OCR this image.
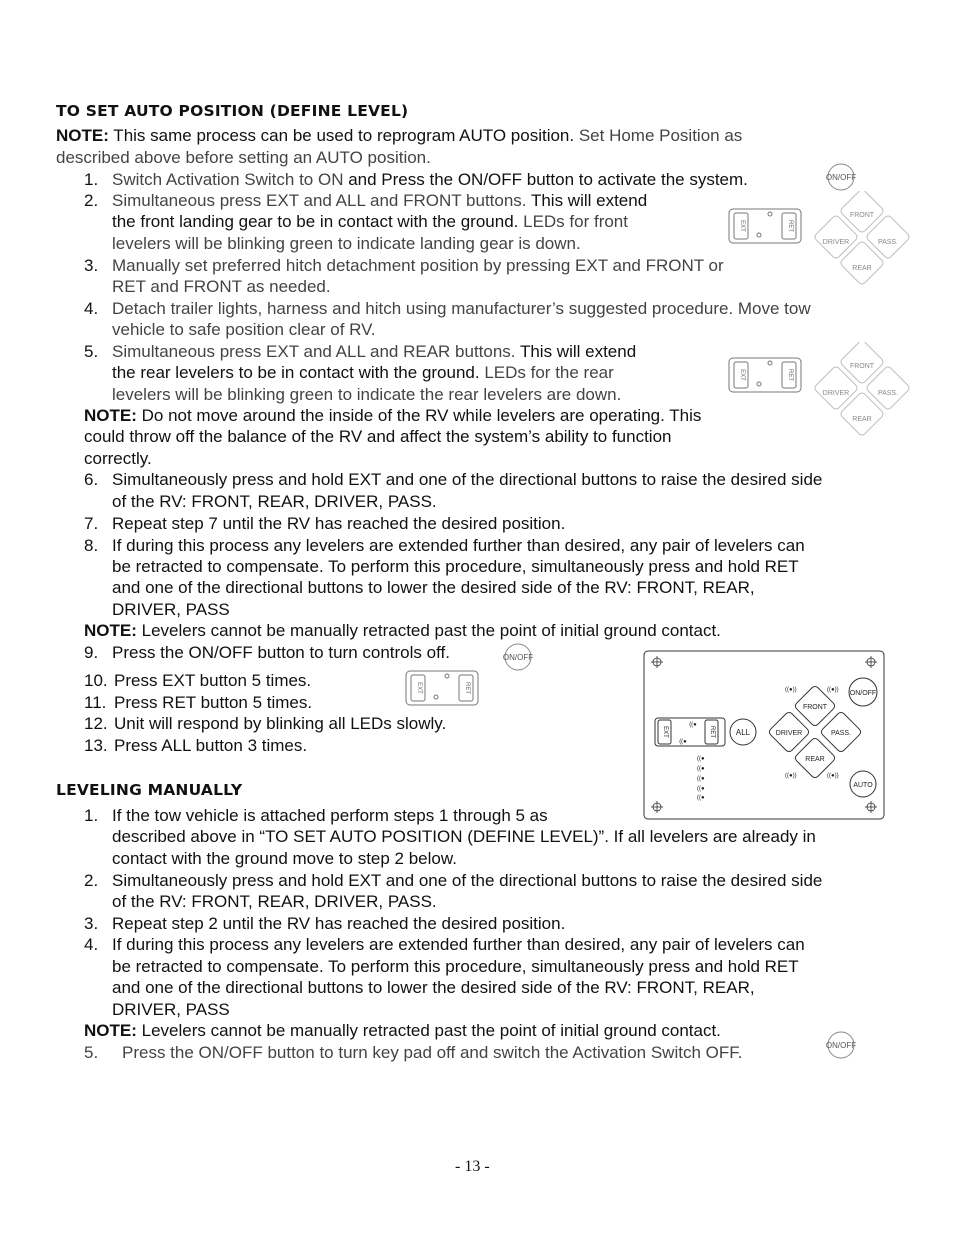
TO SET AUTO POSITION (DEFINE LEVEL)
NOTE: This same process can be used to reprogram AUTO position. Set Home Position as
described above before setting an AUTO position.
1. Switch Activation Switch to ON and Press the ON/OFF button to activate the system.
2. Simultaneous press EXT and ALL and FRONT buttons. This will extend
the front landing gear to be in contact with the ground. LEDs for front
levelers will be blinking green to indicate landing gear is down.
3. Manually set preferred hitch detachment position by pressing EXT and FRONT or
RET and FRONT as needed.
4. Detach trailer lights, harness and hitch using manufacturer’s suggested procedure. Move tow
vehicle to safe position clear of RV.
5. Simultaneous press EXT and ALL and REAR buttons. This will extend
the rear levelers to be in contact with the ground. LEDs for the rear
levelers will be blinking green to indicate the rear levelers are down.
NOTE: Do not move around the inside of the RV while levelers are operating. This
could throw off the balance of the RV and affect the system’s ability to function
correctly.
6. Simultaneously press and hold EXT and one of the directional buttons to raise the desired side
of the RV: FRONT, REAR, DRIVER, PASS.
7. Repeat step 7 until the RV has reached the desired position.
8. If during this process any levelers are extended further than desired, any pair of levelers can
be retracted to compensate. To perform this procedure, simultaneously press and hold RET
and one of the directional buttons to lower the desired side of the RV: FRONT, REAR,
DRIVER, PASS
NOTE: Levelers cannot be manually retracted past the point of initial ground contact.
9. Press the ON/OFF button to turn controls off.
10. Press EXT button 5 times.
11. Press RET button 5 times.
12. Unit will respond by blinking all LEDs slowly.
13. Press ALL button 3 times.
LEVELING MANUALLY
1. If the tow vehicle is attached perform steps 1 through 5 as
described above in “TO SET AUTO POSITION (DEFINE LEVEL)”. If all levelers are already in
contact with the ground move to step 2 below.
2. Simultaneously press and hold EXT and one of the directional buttons to raise the desired side
of the RV: FRONT, REAR, DRIVER, PASS.
3. Repeat step 2 until the RV has reached the desired position.
4. If during this process any levelers are extended further than desired, any pair of levelers can
be retracted to compensate. To perform this procedure, simultaneously press and hold RET
and one of the directional buttons to lower the desired side of the RV: FRONT, REAR,
DRIVER, PASS
NOTE: Levelers cannot be manually retracted past the point of initial ground contact.
5. Press the ON/OFF button to turn key pad off and switch the Activation Switch OFF.
ON/OFF
EXT	RET
FRONT
DRIVER	PASS.
REAR
EXT	RET
FRONT
DRIVER	PASS.
REAR
ON/OFF
EXT	RET
EXT	RET
((●
((●
ALL
ON/OFF
AUTO
((●))	((●))
((●))	((●))
((●
((●
((●
((●
((●
FRONT
DRIVER	PASS.
REAR
ON/OFF
- 13 -
